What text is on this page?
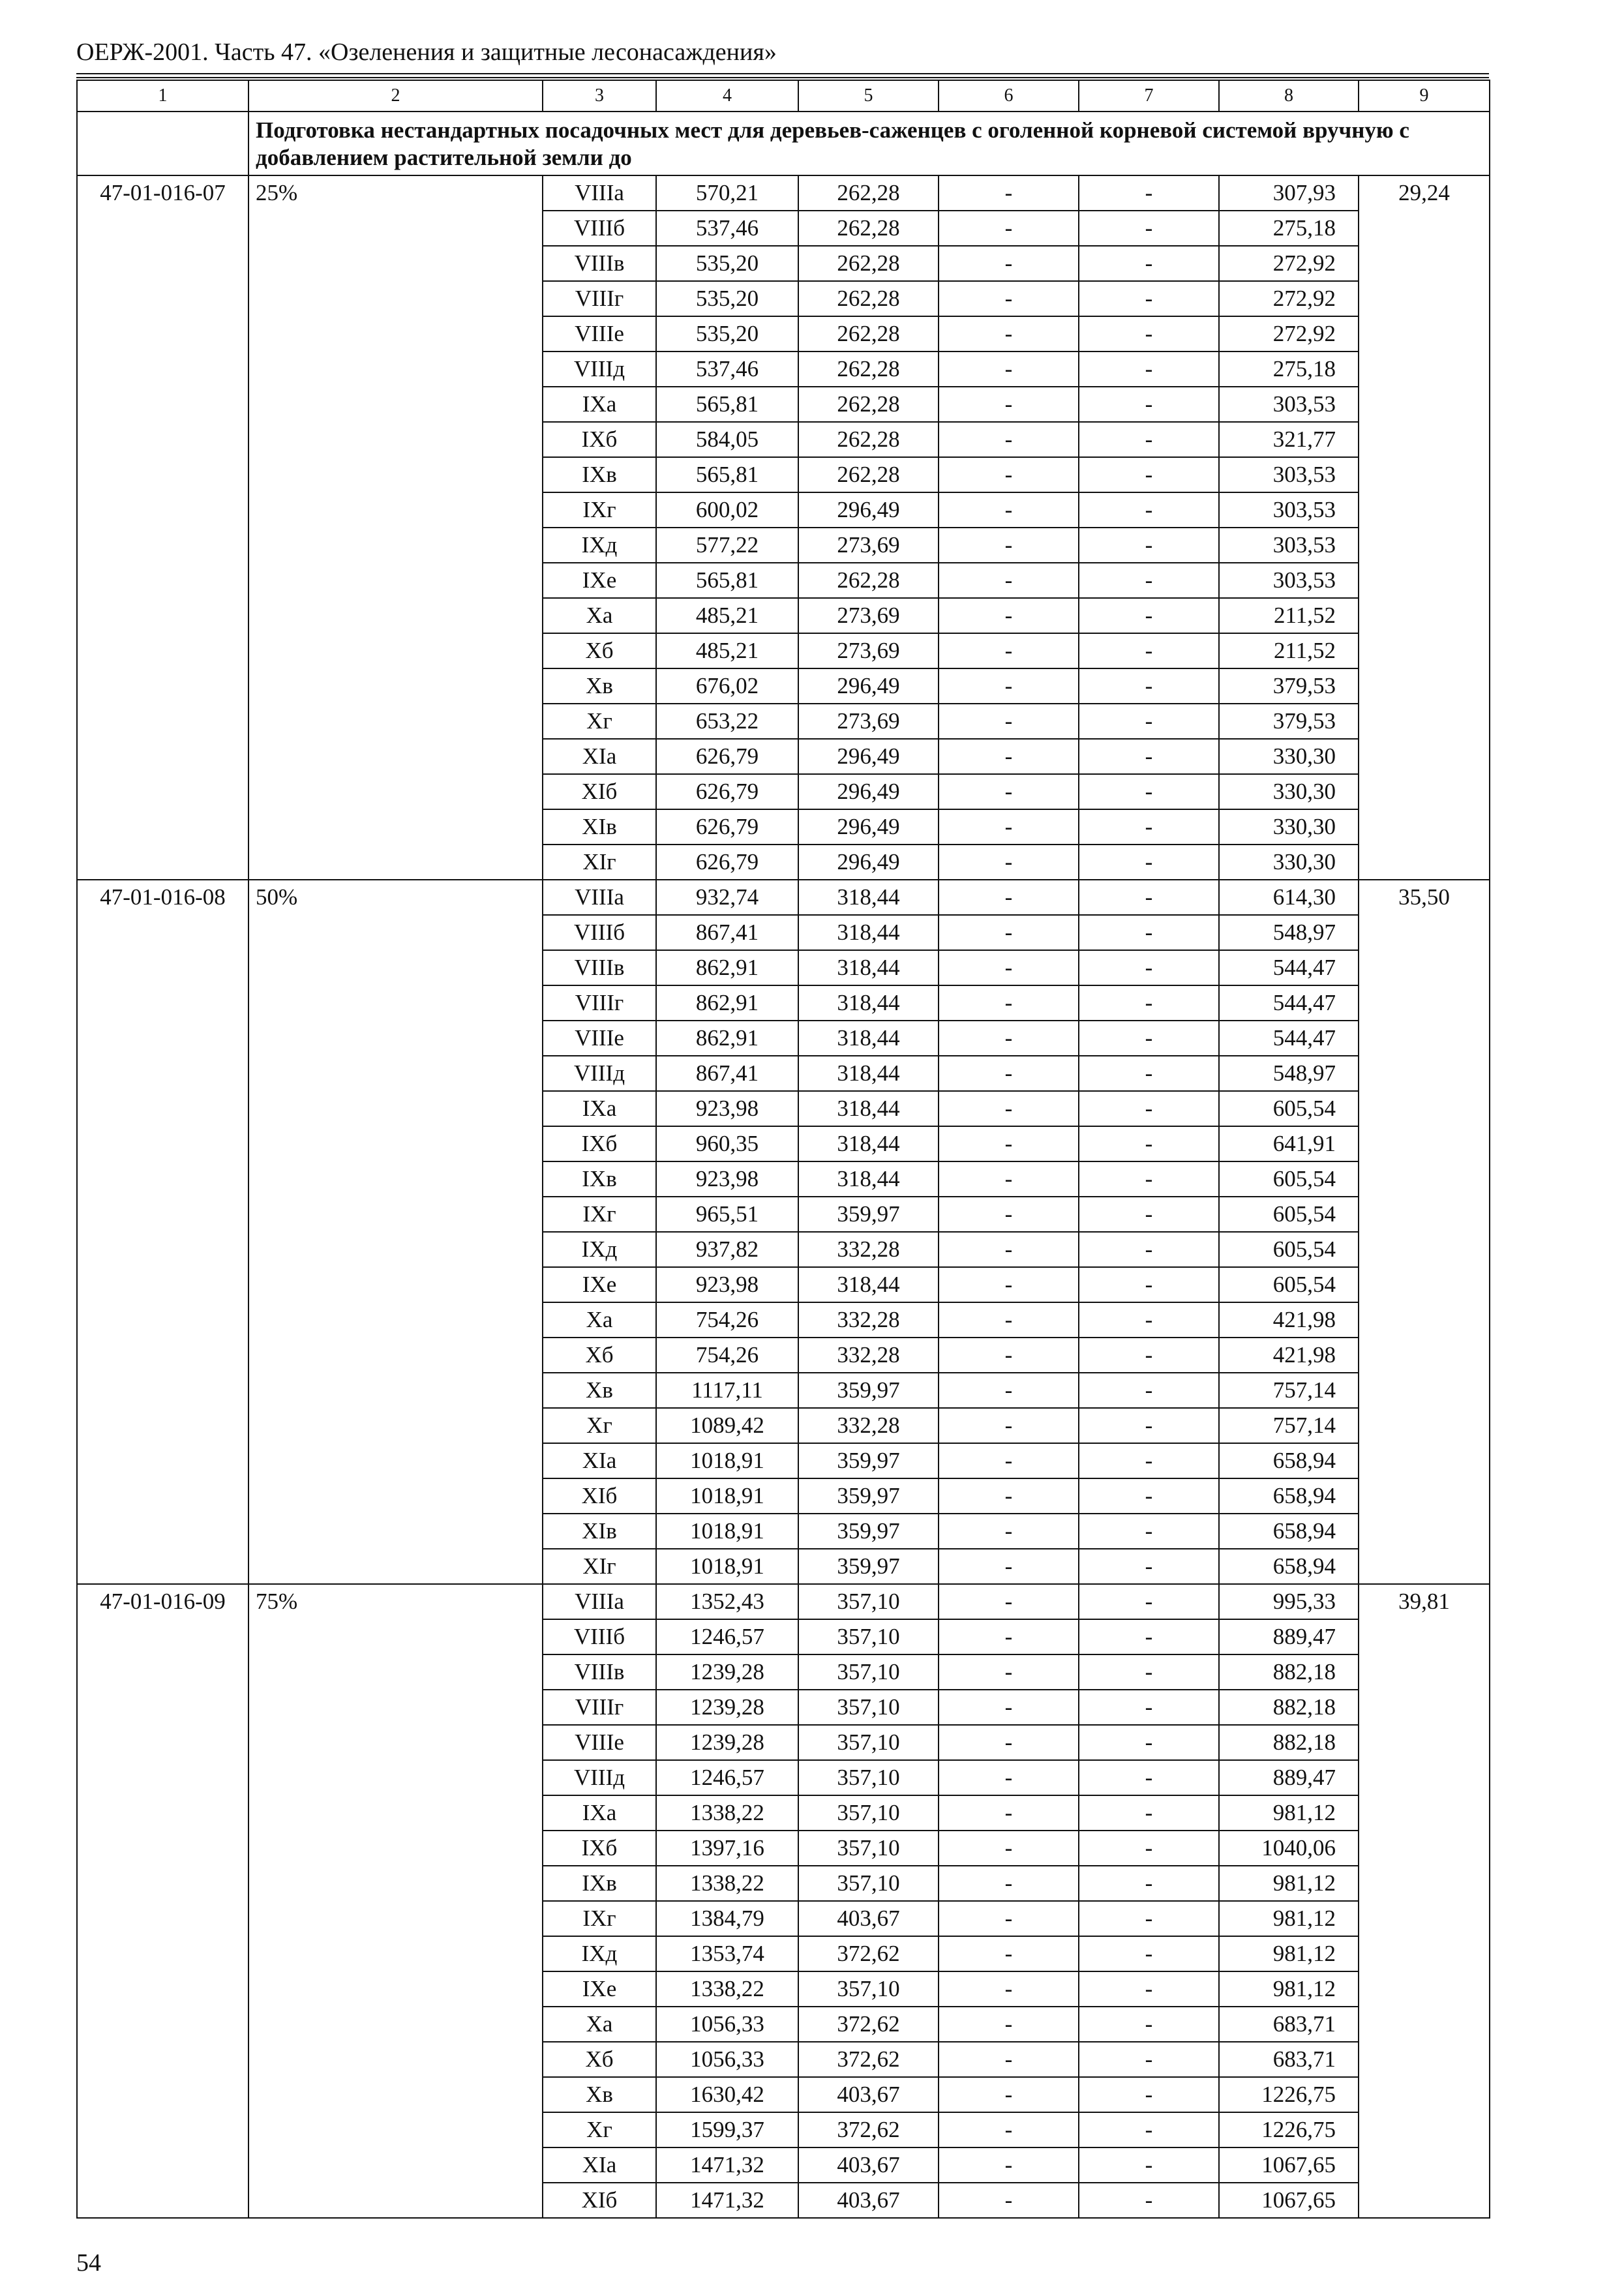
ОЕРЖ-2001. Часть 47. «Озеленения и защитные лесонасаждения»
1	2	3	4	5	6	7	8	9
	Подготовка нестандартных посадочных мест для деревьев-саженцев с оголенной корневой системой вручную с добавлением растительной земли до							
47-01-016-07	25%	VIIIа	570,21	262,28	-	-	307,93	29,24
		VIIIб	537,46	262,28	-	-	275,18	
		VIIIв	535,20	262,28	-	-	272,92	
		VIIIг	535,20	262,28	-	-	272,92	
		VIIIе	535,20	262,28	-	-	272,92	
		VIIIд	537,46	262,28	-	-	275,18	
		IXа	565,81	262,28	-	-	303,53	
		IXб	584,05	262,28	-	-	321,77	
		IXв	565,81	262,28	-	-	303,53	
		IXг	600,02	296,49	-	-	303,53	
		IXд	577,22	273,69	-	-	303,53	
		IXе	565,81	262,28	-	-	303,53	
		Xа	485,21	273,69	-	-	211,52	
		Xб	485,21	273,69	-	-	211,52	
		Xв	676,02	296,49	-	-	379,53	
		Xг	653,22	273,69	-	-	379,53	
		XIа	626,79	296,49	-	-	330,30	
		XIб	626,79	296,49	-	-	330,30	
		XIв	626,79	296,49	-	-	330,30	
		XIг	626,79	296,49	-	-	330,30	
47-01-016-08	50%	VIIIа	932,74	318,44	-	-	614,30	35,50
		VIIIб	867,41	318,44	-	-	548,97	
		VIIIв	862,91	318,44	-	-	544,47	
		VIIIг	862,91	318,44	-	-	544,47	
		VIIIе	862,91	318,44	-	-	544,47	
		VIIIд	867,41	318,44	-	-	548,97	
		IXа	923,98	318,44	-	-	605,54	
		IXб	960,35	318,44	-	-	641,91	
		IXв	923,98	318,44	-	-	605,54	
		IXг	965,51	359,97	-	-	605,54	
		IXд	937,82	332,28	-	-	605,54	
		IXе	923,98	318,44	-	-	605,54	
		Xа	754,26	332,28	-	-	421,98	
		Xб	754,26	332,28	-	-	421,98	
		Xв	1117,11	359,97	-	-	757,14	
		Xг	1089,42	332,28	-	-	757,14	
		XIа	1018,91	359,97	-	-	658,94	
		XIб	1018,91	359,97	-	-	658,94	
		XIв	1018,91	359,97	-	-	658,94	
		XIг	1018,91	359,97	-	-	658,94	
47-01-016-09	75%	VIIIа	1352,43	357,10	-	-	995,33	39,81
		VIIIб	1246,57	357,10	-	-	889,47	
		VIIIв	1239,28	357,10	-	-	882,18	
		VIIIг	1239,28	357,10	-	-	882,18	
		VIIIе	1239,28	357,10	-	-	882,18	
		VIIIд	1246,57	357,10	-	-	889,47	
		IXа	1338,22	357,10	-	-	981,12	
		IXб	1397,16	357,10	-	-	1040,06	
		IXв	1338,22	357,10	-	-	981,12	
		IXг	1384,79	403,67	-	-	981,12	
		IXд	1353,74	372,62	-	-	981,12	
		IXе	1338,22	357,10	-	-	981,12	
		Xа	1056,33	372,62	-	-	683,71	
		Xб	1056,33	372,62	-	-	683,71	
		Xв	1630,42	403,67	-	-	1226,75	
		Xг	1599,37	372,62	-	-	1226,75	
		XIа	1471,32	403,67	-	-	1067,65	
		XIб	1471,32	403,67	-	-	1067,65	
54
